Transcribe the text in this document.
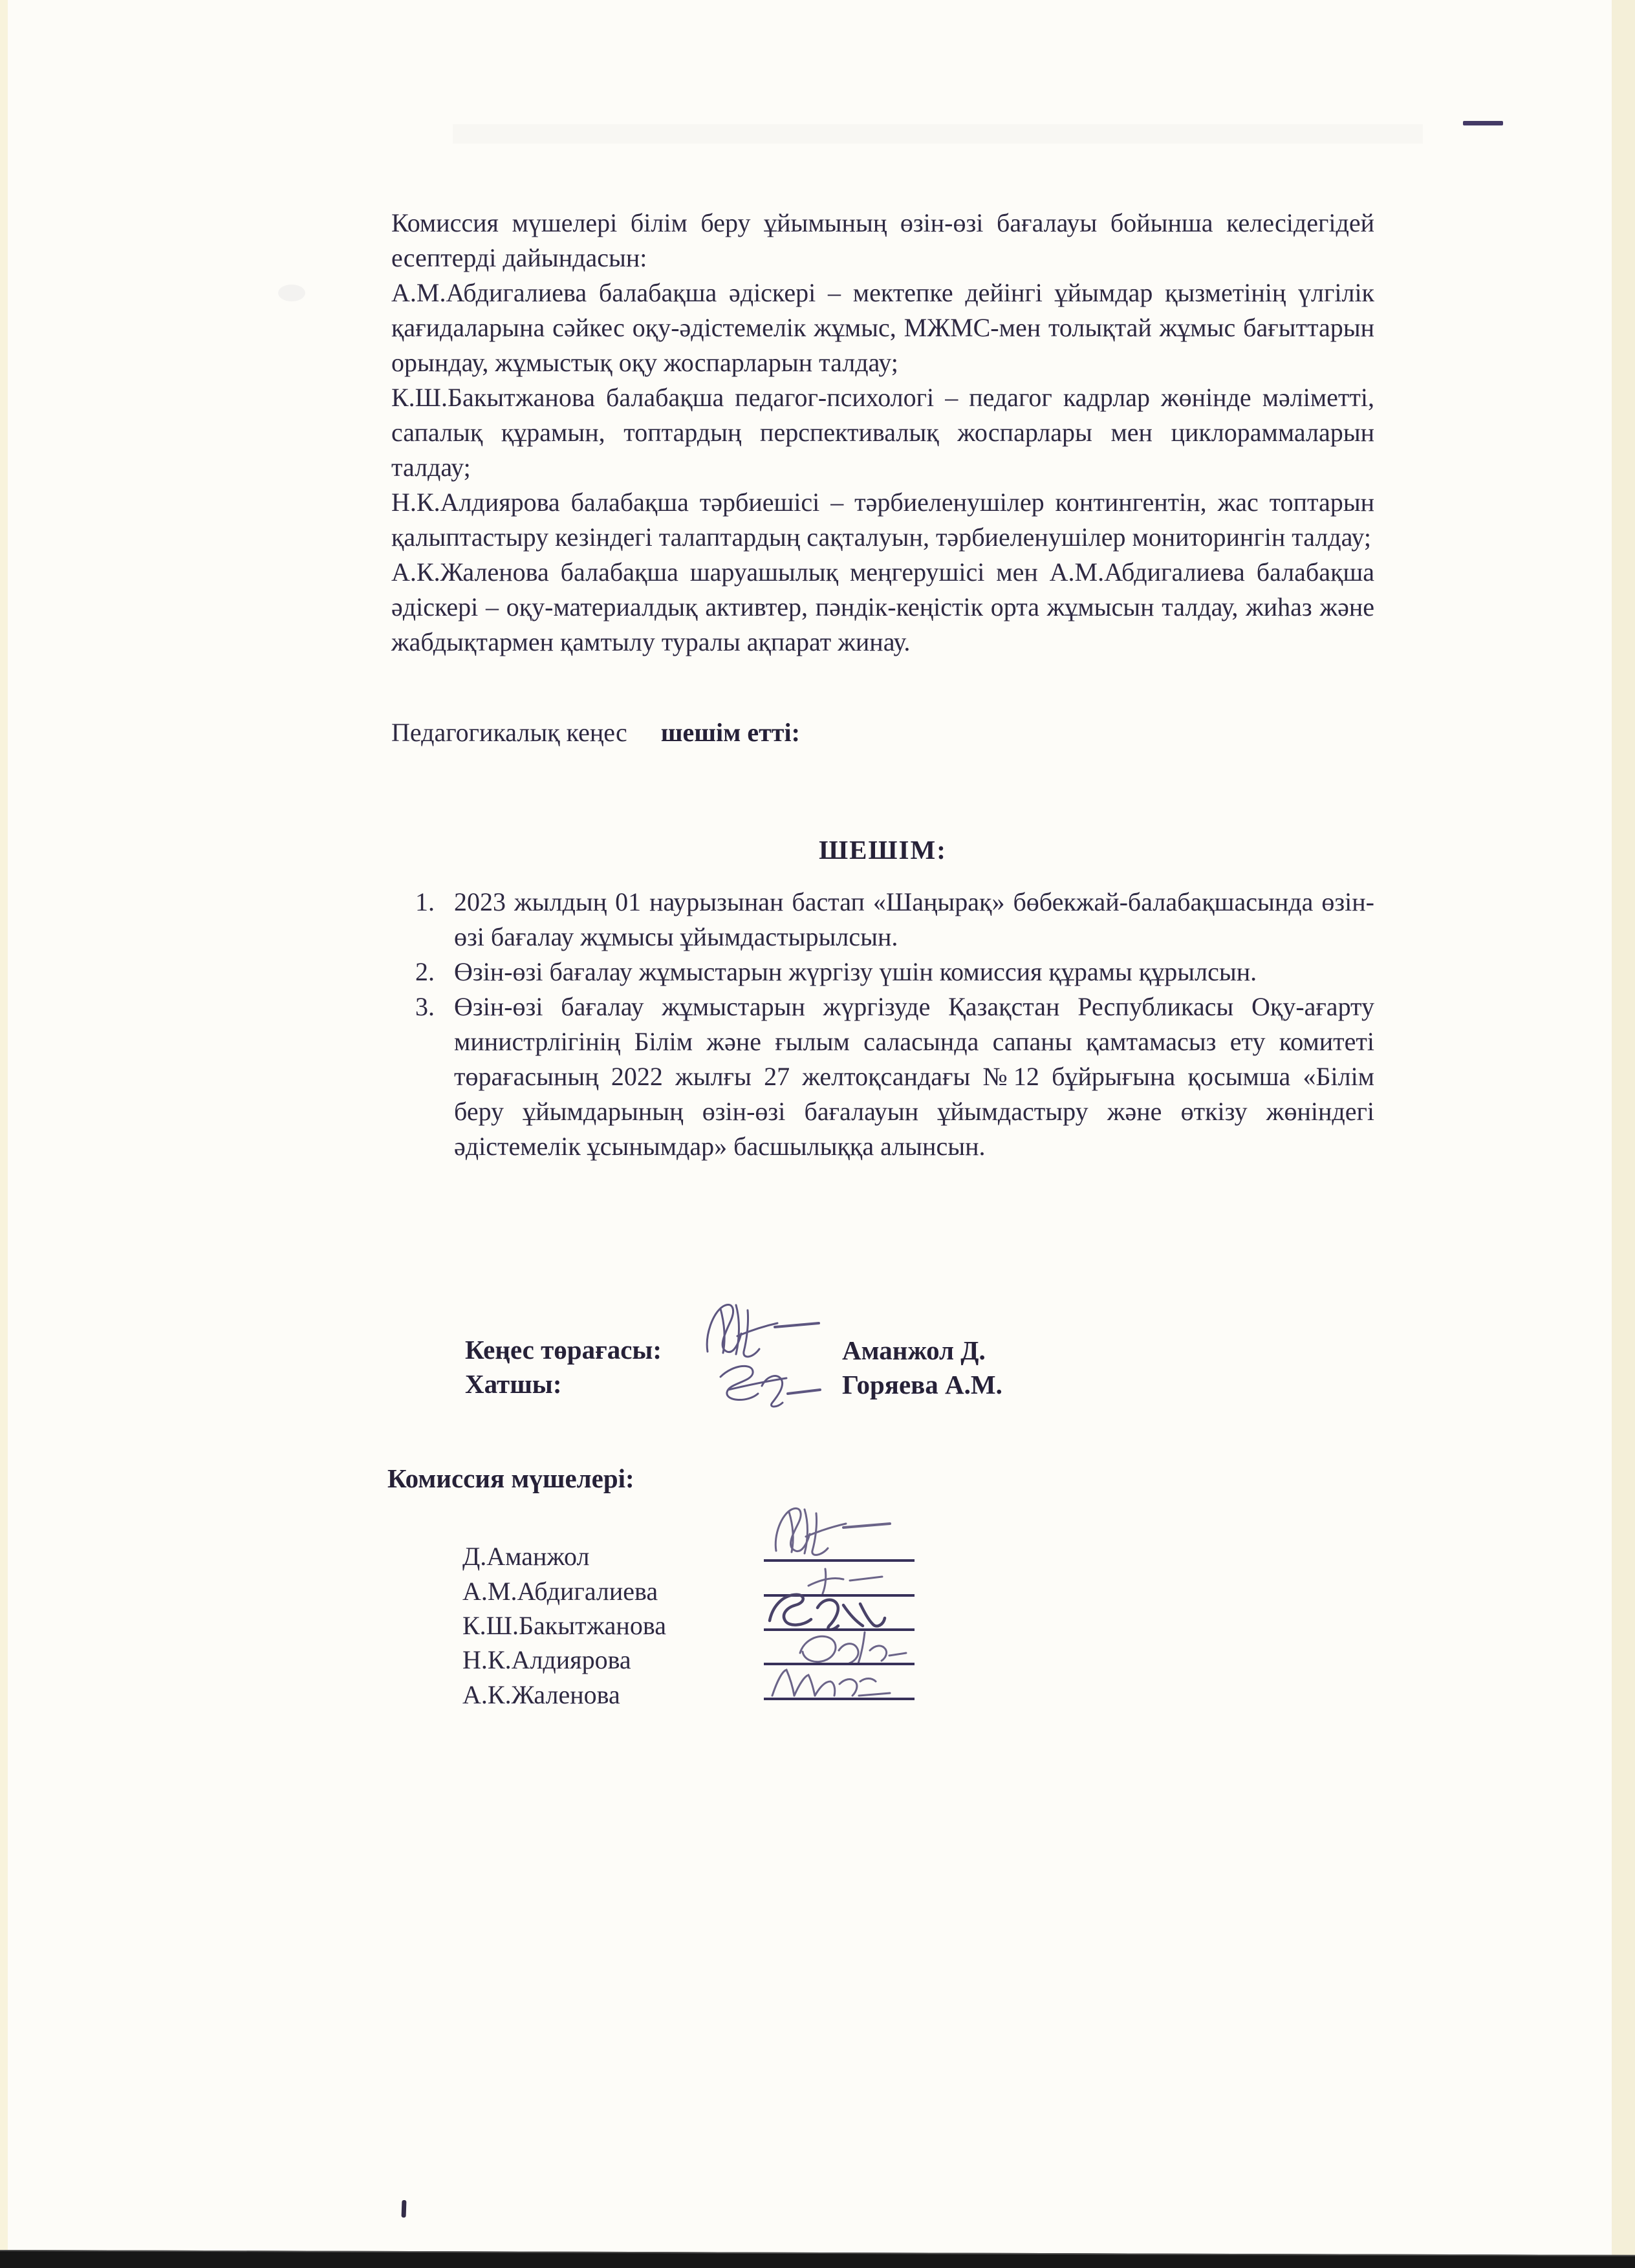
Комиссия мүшелері білім беру ұйымының өзін-өзі бағалауы бойынша келесідегідей есептерді дайындасын:

А.М.Абдигалиева балабақша әдіскері – мектепке дейінгі ұйымдар қызметінің үлгілік қағидаларына сәйкес оқу-әдістемелік жұмыс, МЖМС-мен толықтай жұмыс бағыттарын орындау, жұмыстық оқу жоспарларын талдау;

К.Ш.Бакытжанова балабақша педагог-психологі – педагог кадрлар жөнінде мәліметті, сапалық құрамын, топтардың перспективалық жоспарлары мен циклораммаларын талдау;

Н.К.Алдиярова балабақша тәрбиешісі – тәрбиеленушілер контингентін, жас топтарын қалыптастыру кезіндегі талаптардың сақталуын, тәрбиеленушілер мониторингін талдау;

А.К.Жаленова балабақша шаруашылық меңгерушісі мен А.М.Абдигалиева балабақша әдіскері – оқу-материалдық активтер, пәндік-кеңістік орта жұмысын талдау, жиһаз және жабдықтармен қамтылу туралы ақпарат жинау.

Педагогикалық кеңес шешім етті:
ШЕШІМ:
1. 2023 жылдың 01 наурызынан бастап «Шаңырақ» бөбекжай-балабақшасында өзін-өзі бағалау жұмысы ұйымдастырылсын.
2. Өзін-өзі бағалау жұмыстарын жүргізу үшін комиссия құрамы құрылсын.
3. Өзін-өзі бағалау жұмыстарын жүргізуде Қазақстан Республикасы Оқу-ағарту министрлігінің Білім және ғылым саласында сапаны қамтамасыз ету комитеті төрағасының 2022 жылғы 27 желтоқсандағы №12 бұйрығына қосымша «Білім беру ұйымдарының өзін-өзі бағалауын ұйымдастыру және өткізу жөніндегі әдістемелік ұсынымдар» басшылыққа алынсын.
Кеңес төрағасы:	Аманжол Д.
Хатшы:	Горяева А.М.
Комиссия мүшелері:
Д.Аманжол
А.М.Абдигалиева
К.Ш.Бакытжанова
Н.К.Алдиярова
А.К.Жаленова
